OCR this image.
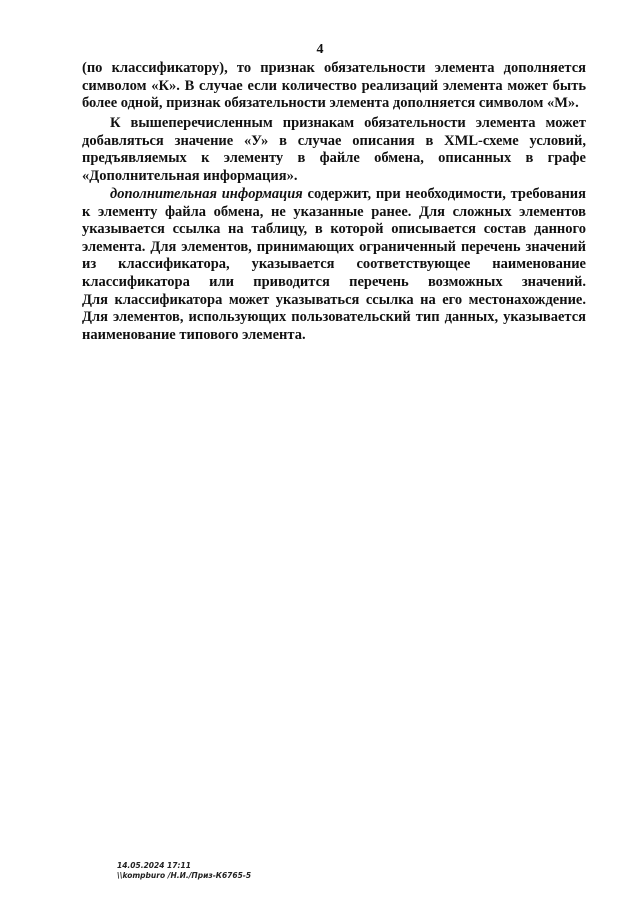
4
(по классификатору), то признак обязательности элемента дополняется
символом «К». В случае если количество реализаций элемента может быть
более одной, признак обязательности элемента дополняется символом «М».
К вышеперечисленным признакам обязательности элемента может
добавляться значение «У» в случае описания в XML-схеме условий,
предъявляемых к элементу в файле обмена, описанных в графе
«Дополнительная информация».
дополнительная информация содержит, при необходимости, требования
к элементу файла обмена, не указанные ранее. Для сложных элементов
указывается ссылка на таблицу, в которой описывается состав данного
элемента. Для элементов, принимающих ограниченный перечень значений
из классификатора, указывается соответствующее наименование
классификатора или приводится перечень возможных значений.
Для классификатора может указываться ссылка на его местонахождение.
Для элементов, использующих пользовательский тип данных, указывается
наименование типового элемента.
14.05.2024 17:11
\\kompburo /Н.И./Приз-К6765-5
